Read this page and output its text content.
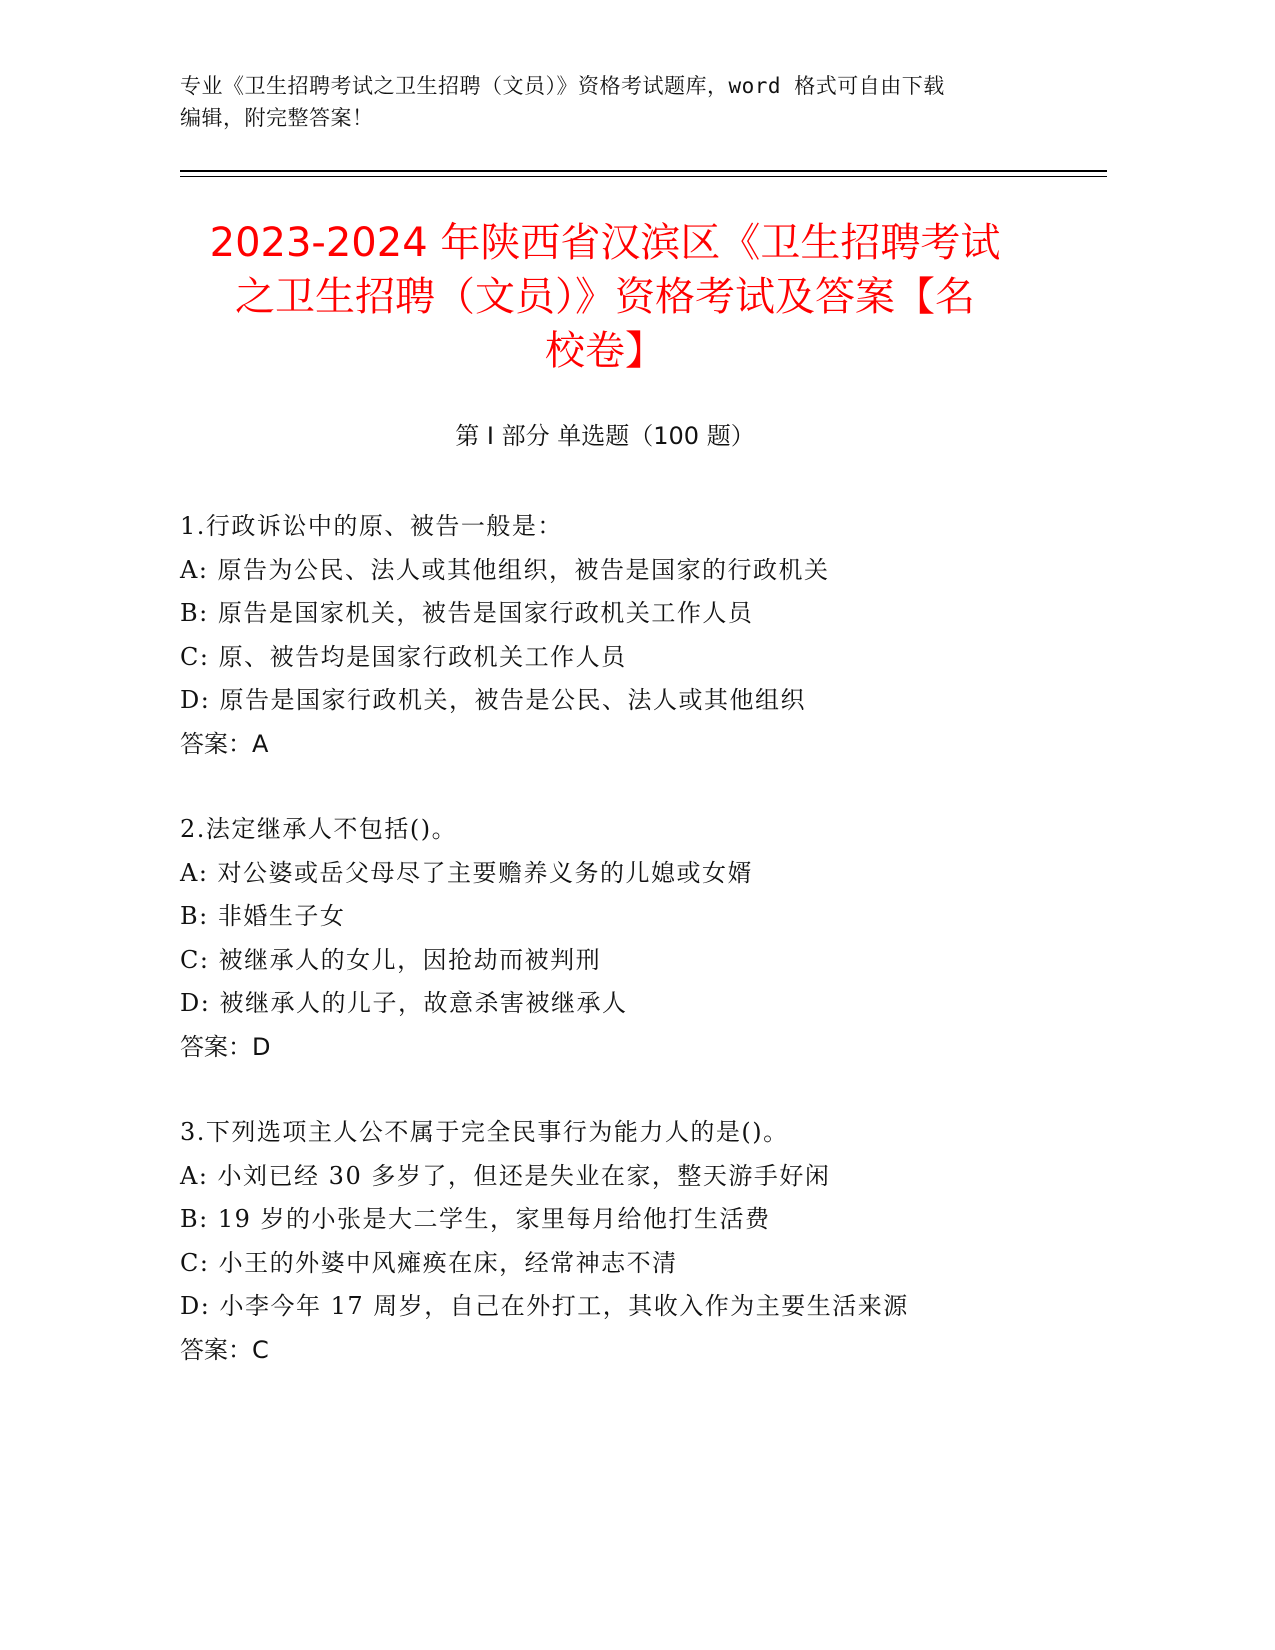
专业《卫生招聘考试之卫生招聘（文员）》资格考试题库，word 格式可自由下载
编辑，附完整答案！
2023-2024 年陕西省汉滨区《卫生招聘考试
之卫生招聘（文员）》资格考试及答案【名
校卷】
第 I 部分 单选题（100 题）
1.行政诉讼中的原、被告一般是：
A: 原告为公民、法人或其他组织，被告是国家的行政机关
B: 原告是国家机关，被告是国家行政机关工作人员
C: 原、被告均是国家行政机关工作人员
D: 原告是国家行政机关，被告是公民、法人或其他组织
答案：A
2.法定继承人不包括()。
A: 对公婆或岳父母尽了主要赡养义务的儿媳或女婿
B: 非婚生子女
C: 被继承人的女儿，因抢劫而被判刑
D: 被继承人的儿子，故意杀害被继承人
答案：D
3.下列选项主人公不属于完全民事行为能力人的是()。
A: 小刘已经 30 多岁了，但还是失业在家，整天游手好闲
B: 19 岁的小张是大二学生，家里每月给他打生活费
C: 小王的外婆中风瘫痪在床，经常神志不清
D: 小李今年 17 周岁，自己在外打工，其收入作为主要生活来源
答案：C
